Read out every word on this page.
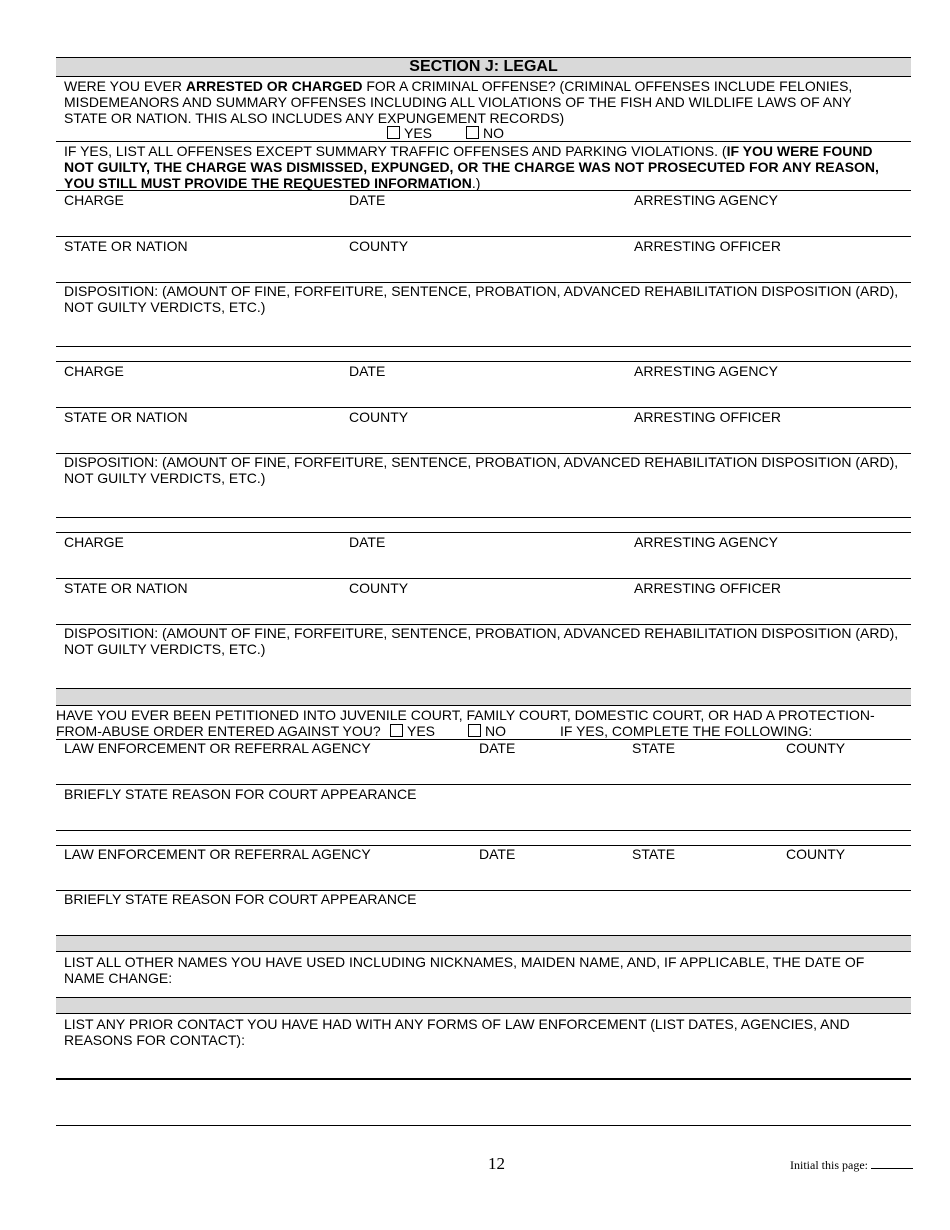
SECTION J: LEGAL
WERE YOU EVER ARRESTED OR CHARGED FOR A CRIMINAL OFFENSE? (CRIMINAL OFFENSES INCLUDE FELONIES,
MISDEMEANORS AND SUMMARY OFFENSES INCLUDING ALL VIOLATIONS OF THE FISH AND WILDLIFE LAWS OF ANY
STATE OR NATION. THIS ALSO INCLUDES ANY EXPUNGEMENT RECORDS)
YES	NO
IF YES, LIST ALL OFFENSES EXCEPT SUMMARY TRAFFIC OFFENSES AND PARKING VIOLATIONS. (IF YOU WERE FOUND
NOT GUILTY, THE CHARGE WAS DISMISSED, EXPUNGED, OR THE CHARGE WAS NOT PROSECUTED FOR ANY REASON,
YOU STILL MUST PROVIDE THE REQUESTED INFORMATION.)
CHARGE	DATE	ARRESTING AGENCY
STATE OR NATION	COUNTY	ARRESTING OFFICER
DISPOSITION: (AMOUNT OF FINE, FORFEITURE, SENTENCE, PROBATION, ADVANCED REHABILITATION DISPOSITION (ARD),
NOT GUILTY VERDICTS, ETC.)
CHARGE	DATE	ARRESTING AGENCY
STATE OR NATION	COUNTY	ARRESTING OFFICER
DISPOSITION: (AMOUNT OF FINE, FORFEITURE, SENTENCE, PROBATION, ADVANCED REHABILITATION DISPOSITION (ARD),
NOT GUILTY VERDICTS, ETC.)
CHARGE	DATE	ARRESTING AGENCY
STATE OR NATION	COUNTY	ARRESTING OFFICER
DISPOSITION: (AMOUNT OF FINE, FORFEITURE, SENTENCE, PROBATION, ADVANCED REHABILITATION DISPOSITION (ARD),
NOT GUILTY VERDICTS, ETC.)
HAVE YOU EVER BEEN PETITIONED INTO JUVENILE COURT, FAMILY COURT, DOMESTIC COURT, OR HAD A PROTECTION-
FROM-ABUSE ORDER ENTERED AGAINST YOU?	YES	NO	IF YES, COMPLETE THE FOLLOWING:
LAW ENFORCEMENT OR REFERRAL AGENCY	DATE	STATE	COUNTY
BRIEFLY STATE REASON FOR COURT APPEARANCE
LAW ENFORCEMENT OR REFERRAL AGENCY	DATE	STATE	COUNTY
BRIEFLY STATE REASON FOR COURT APPEARANCE
LIST ALL OTHER NAMES YOU HAVE USED INCLUDING NICKNAMES, MAIDEN NAME, AND, IF APPLICABLE, THE DATE OF
NAME CHANGE:
LIST ANY PRIOR CONTACT YOU HAVE HAD WITH ANY FORMS OF LAW ENFORCEMENT (LIST DATES, AGENCIES, AND
REASONS FOR CONTACT):
12	Initial this page:
